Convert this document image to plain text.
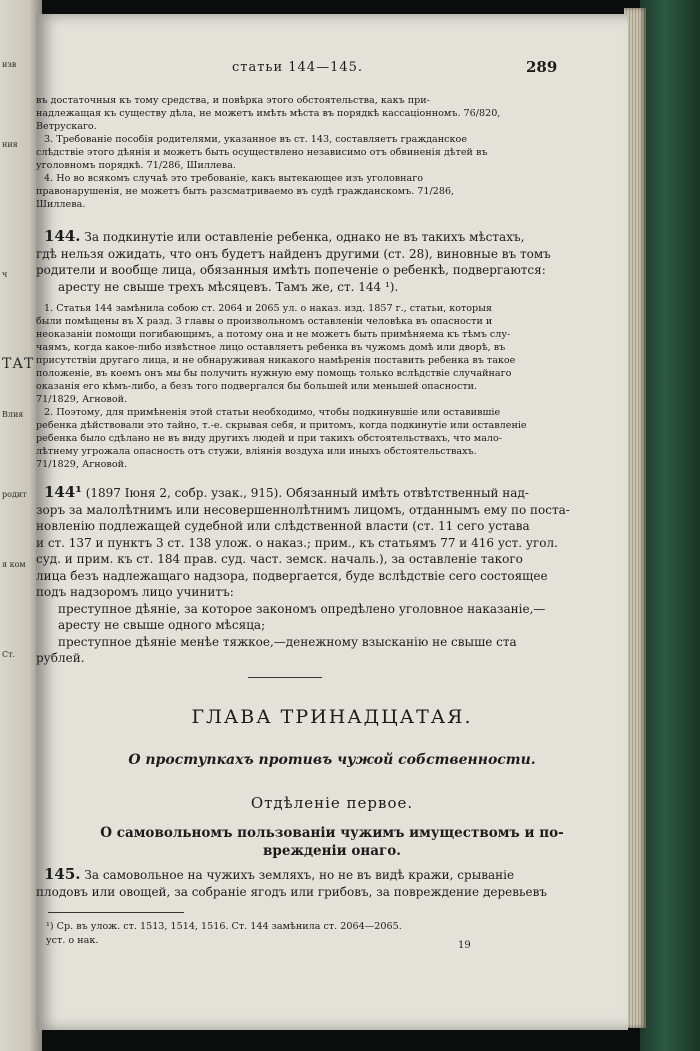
изв
ния
ч
ТАТ
Влия
родит
я ком
Ст.
статьи 144—145.	289
въ достаточныя къ тому средства, и повѣрка этого обстоятельства, какъ при-
надлежащая къ существу дѣла, не можетъ имѣть мѣста въ порядкѣ кассаціонномъ. 76/820,
Ветрускаго.
3. Требованіе пособія родителями, указанное въ ст. 143, составляетъ гражданское
слѣдствіе этого дѣянія и можетъ быть осуществлено независимо отъ обвиненія дѣтей въ
уголовномъ порядкѣ. 71/286, Шиллева.
4. Но во всякомъ случаѣ это требованіе, какъ вытекающее изъ уголовнаго
правонарушенія, не можетъ быть разсматриваемо въ судѣ гражданскомъ. 71/286,
Шиллева.
144. За подкинутіе или оставленіе ребенка, однако не въ такихъ мѣстахъ,
гдѣ нельзя ожидать, что онъ будетъ найденъ другими (ст. 28), виновные въ томъ
родители и вообще лица, обязанныя имѣть попеченіе о ребенкѣ, подвергаются:
аресту не свыше трехъ мѣсяцевъ. Тамъ же, ст. 144 ¹).
1. Статья 144 замѣнила собою ст. 2064 и 2065 ул. о наказ. изд. 1857 г., статьи, которыя
были помѣщены въ X разд. 3 главы о произвольномъ оставленіи человѣка въ опасности и
неоказаніи помощи погибающимъ, а потому она и не можетъ быть примѣняема къ тѣмъ слу-
чаямъ, когда какое-либо извѣстное лицо оставляетъ ребенка въ чужомъ домѣ или дворѣ, въ
присутствіи другаго лица, и не обнаруживая никакого намѣренія поставить ребенка въ такое
положеніе, въ коемъ онъ мы бы получить нужную ему помощь только вслѣдствіе случайнаго
оказанія его кѣмъ-либо, а безъ того подвергался бы большей или меньшей опасности.
71/1829, Агновой.
2. Поэтому, для примѣненія этой статьи необходимо, чтобы подкинувшіе или оставившіе
ребенка дѣйствовали это тайно, т.-е. скрывая себя, и притомъ, когда подкинутіе или оставленіе
ребенка было сдѣлано не въ виду другихъ людей и при такихъ обстоятельствахъ, что мало-
лѣтнему угрожала опасность отъ стужи, вліянія воздуха или иныхъ обстоятельствахъ.
71/1829, Агновой.
144¹ (1897 Іюня 2, собр. узак., 915). Обязанный имѣть отвѣтственный над-
зоръ за малолѣтнимъ или несовершеннолѣтнимъ лицомъ, отданнымъ ему по поста-
новленію подлежащей судебной или слѣдственной власти (ст. 11 сего устава
и ст. 137 и пунктъ 3 ст. 138 улож. о наказ.; прим., къ статьямъ 77 и 416 уст. угол.
суд. и прим. къ ст. 184 прав. суд. част. земск. началь.), за оставленіе такого
лица безъ надлежащаго надзора, подвергается, буде вслѣдствіе сего состоящее
подъ надзоромъ лицо учинитъ:
преступное дѣяніе, за которое закономъ опредѣлено уголовное наказаніе,—
аресту не свыше одного мѣсяца;
преступное дѣяніе менѣе тяжкое,—денежному взысканію не свыше ста
рублей.
ГЛАВА ТРИНАДЦАТАЯ.
О проступкахъ противъ чужой собственности.
Отдѣленіе первое.
О самовольномъ пользованіи чужимъ имуществомъ и по-
врежденіи онаго.
145. За самовольное на чужихъ земляхъ, но не въ видѣ кражи, срываніе
плодовъ или овощей, за собраніе ягодъ или грибовъ, за повреждение деревьевъ
¹) Ср. въ улож. ст. 1513, 1514, 1516. Ст. 144 замѣнила ст. 2064—2065.
уст. о нак.	19
